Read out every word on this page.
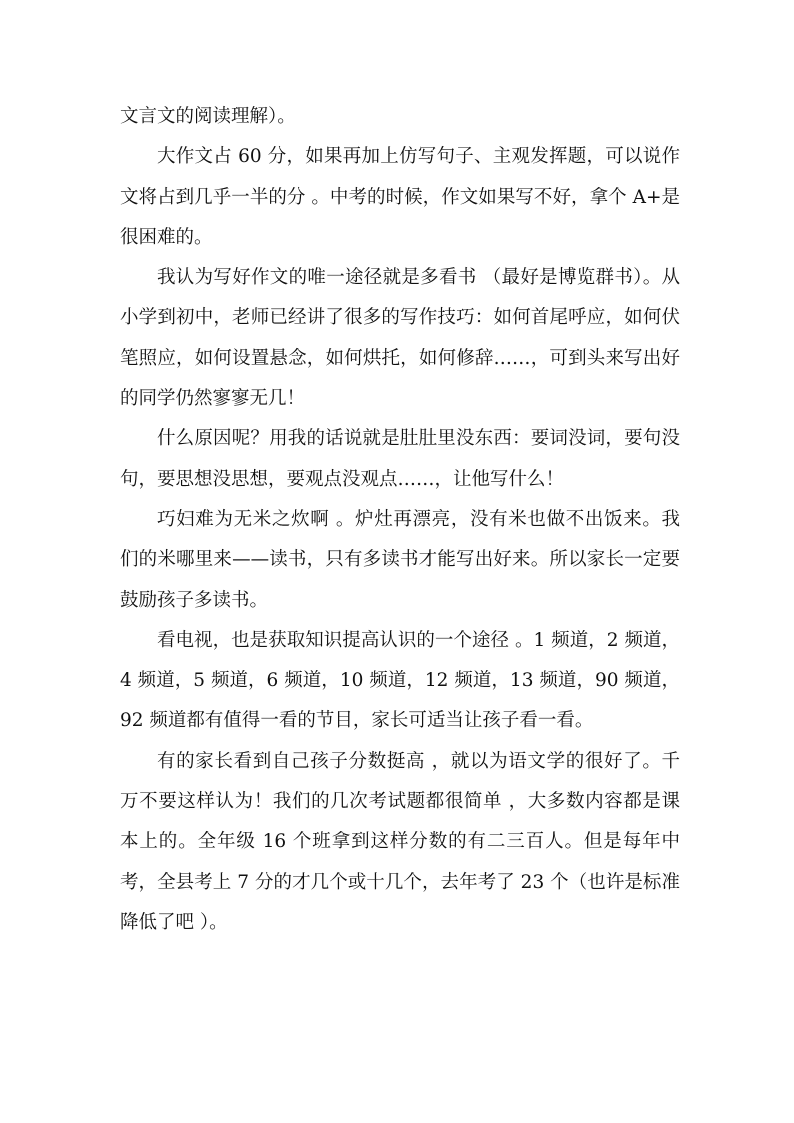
文言文的阅读理解）。

大作文占 60 分，如果再加上仿写句子、主观发挥题，可以说作文将占到几乎一半的分 。中考的时候，作文如果写不好，拿个 A+是很困难的。

我认为写好作文的唯一途径就是多看书 （最好是博览群书）。从小学到初中，老师已经讲了很多的写作技巧：如何首尾呼应，如何伏笔照应，如何设置悬念，如何烘托，如何修辞……，可到头来写出好的同学仍然寥寥无几！

什么原因呢？用我的话说就是肚肚里没东西：要词没词，要句没句，要思想没思想，要观点没观点……，让他写什么！

巧妇难为无米之炊啊 。炉灶再漂亮，没有米也做不出饭来。我们的米哪里来——读书，只有多读书才能写出好来。所以家长一定要鼓励孩子多读书。

看电视，也是获取知识提高认识的一个途径 。1 频道，2 频道，4 频道，5 频道，6 频道，10 频道，12 频道，13 频道，90 频道，92 频道都有值得一看的节目，家长可适当让孩子看一看。

有的家长看到自己孩子分数挺高 ，就以为语文学的很好了。千万不要这样认为！我们的几次考试题都很简单 ，大多数内容都是课本上的。全年级 16 个班拿到这样分数的有二三百人。但是每年中考，全县考上 7 分的才几个或十几个，去年考了 23 个（也许是标准降低了吧 ）。
